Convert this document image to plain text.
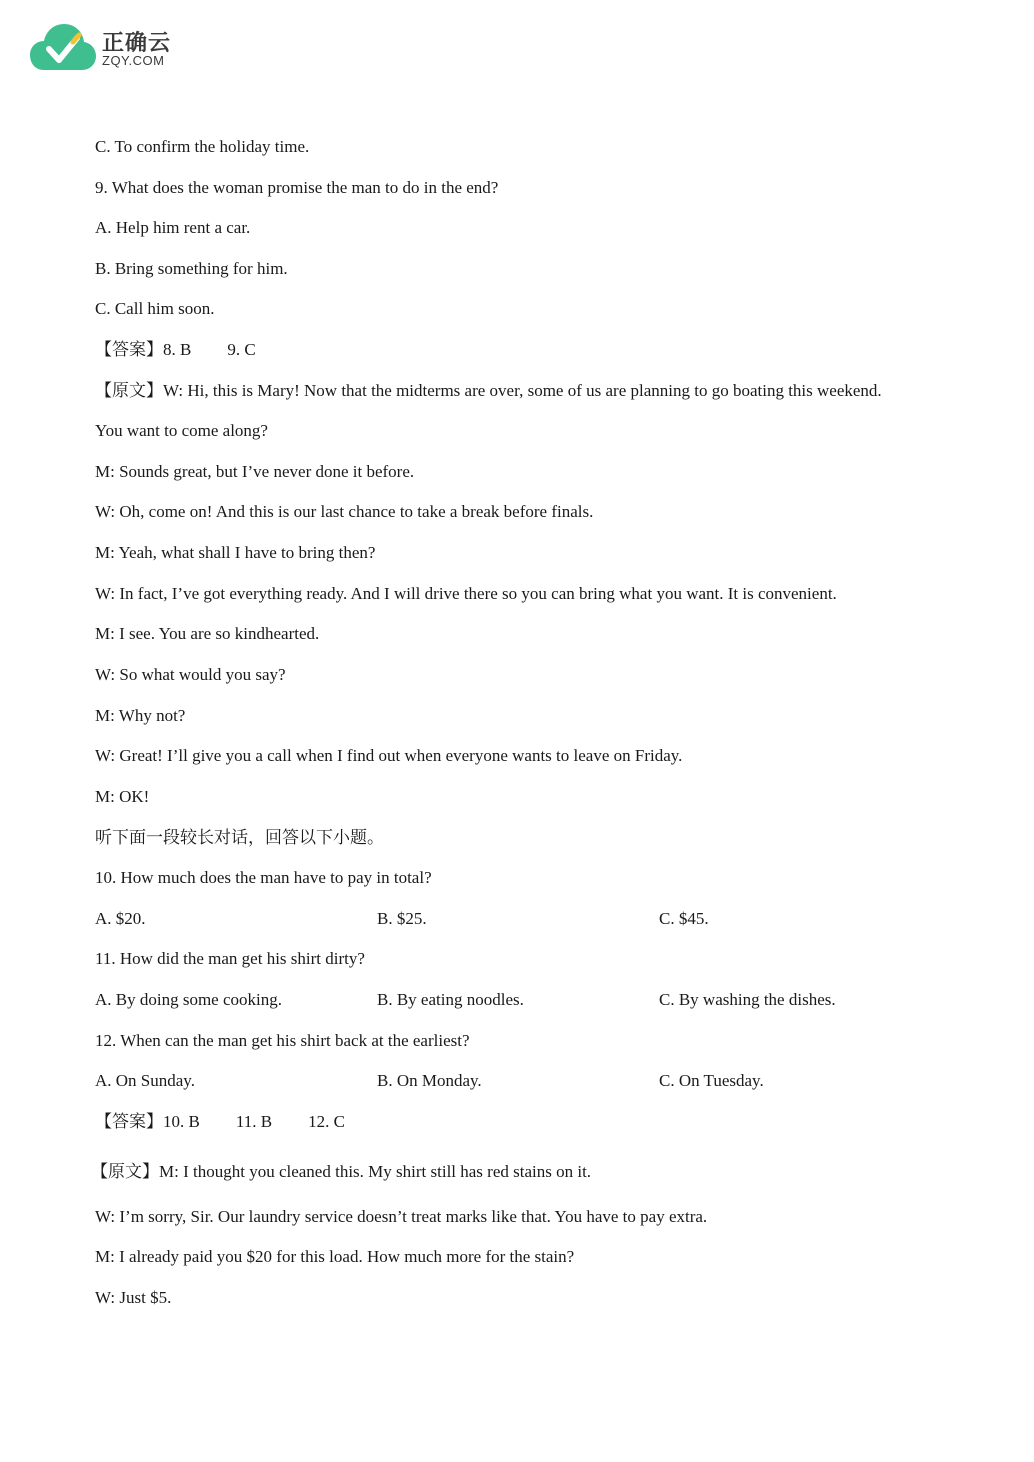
正确云
ZQY.COM
C. To confirm the holiday time.
9. What does the woman promise the man to do in the end?
A. Help him rent a car.
B. Bring something for him.
C. Call him soon.
【答案】8. B 9. C
【原文】W: Hi, this is Mary! Now that the midterms are over, some of us are planning to go boating this weekend.
You want to come along?
M: Sounds great, but I’ve never done it before.
W: Oh, come on! And this is our last chance to take a break before finals.
M: Yeah, what shall I have to bring then?
W: In fact, I’ve got everything ready. And I will drive there so you can bring what you want. It is convenient.
M: I see. You are so kindhearted.
W: So what would you say?
M: Why not?
W: Great! I’ll give you a call when I find out when everyone wants to leave on Friday.
M: OK!
听下面一段较长对话，回答以下小题。
10. How much does the man have to pay in total?
A. $20.	B. $25.	C. $45.
11. How did the man get his shirt dirty?
A. By doing some cooking.	B. By eating noodles.	C. By washing the dishes.
12. When can the man get his shirt back at the earliest?
A. On Sunday.	B. On Monday.	C. On Tuesday.
【答案】10. B 11. B 12. C
【原文】M: I thought you cleaned this. My shirt still has red stains on it.
W: I’m sorry, Sir. Our laundry service doesn’t treat marks like that. You have to pay extra.
M: I already paid you $20 for this load. How much more for the stain?
W: Just $5.
